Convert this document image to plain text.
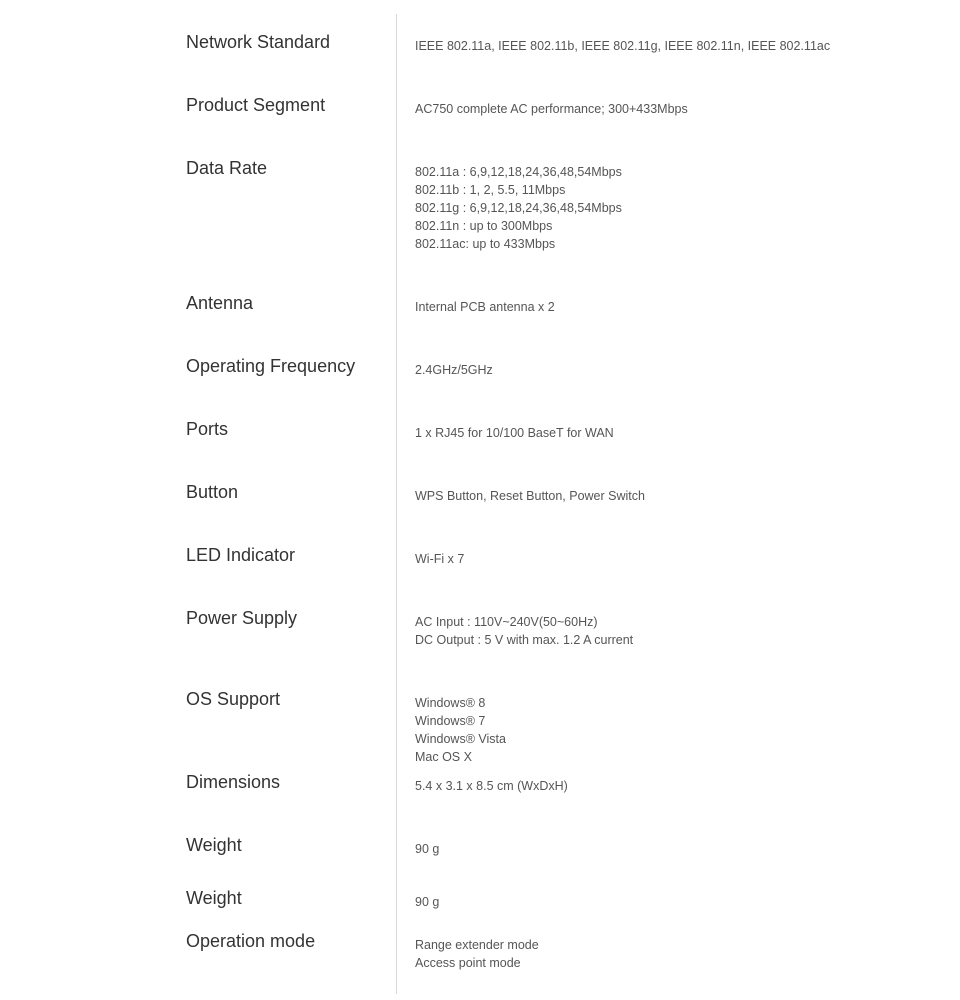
Network Standard	IEEE 802.11a, IEEE 802.11b, IEEE 802.11g, IEEE 802.11n, IEEE 802.11ac
Product Segment	AC750 complete AC performance; 300+433Mbps
Data Rate	802.11a : 6,9,12,18,24,36,48,54Mbps
802.11b : 1, 2, 5.5, 11Mbps
802.11g : 6,9,12,18,24,36,48,54Mbps
802.11n : up to 300Mbps
802.11ac: up to 433Mbps
Antenna	Internal PCB antenna x 2
Operating Frequency	2.4GHz/5GHz
Ports	1 x RJ45 for 10/100 BaseT for WAN
Button	WPS Button, Reset Button, Power Switch
LED Indicator	Wi-Fi x 7
Power Supply	AC Input : 110V~240V(50~60Hz)
DC Output : 5 V with max. 1.2 A current
OS Support	Windows® 8
Windows® 7
Windows® Vista
Mac OS X
Dimensions	5.4 x 3.1 x 8.5 cm (WxDxH)
Weight	90 g
Weight	90 g
Operation mode	Range extender mode
Access point mode
